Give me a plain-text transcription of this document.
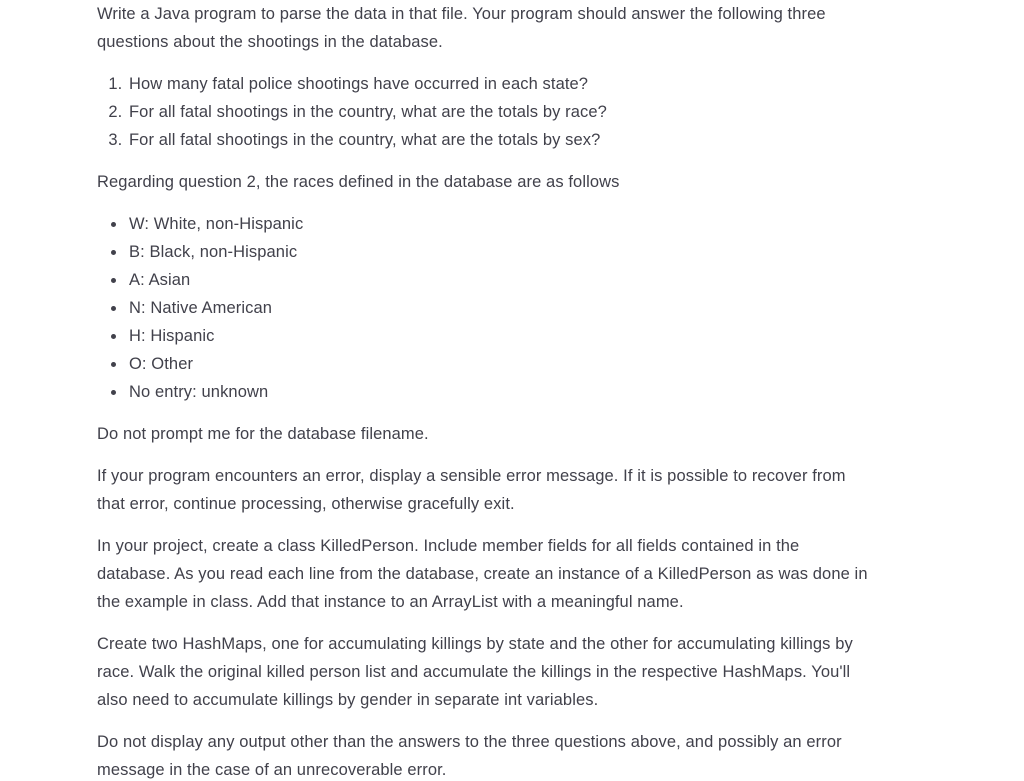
Write a Java program to parse the data in that file. Your program should answer the following three questions about the shootings in the database.

1. How many fatal police shootings have occurred in each state?
2. For all fatal shootings in the country, what are the totals by race?
3. For all fatal shootings in the country, what are the totals by sex?

Regarding question 2, the races defined in the database are as follows

• W: White, non-Hispanic
• B: Black, non-Hispanic
• A: Asian
• N: Native American
• H: Hispanic
• O: Other
• No entry: unknown

Do not prompt me for the database filename.

If your program encounters an error, display a sensible error message. If it is possible to recover from that error, continue processing, otherwise gracefully exit.

In your project, create a class KilledPerson. Include member fields for all fields contained in the database. As you read each line from the database, create an instance of a KilledPerson as was done in the example in class. Add that instance to an ArrayList with a meaningful name.

Create two HashMaps, one for accumulating killings by state and the other for accumulating killings by race. Walk the original killed person list and accumulate the killings in the respective HashMaps. You'll also need to accumulate killings by gender in separate int variables.

Do not display any output other than the answers to the three questions above, and possibly an error message in the case of an unrecoverable error.
